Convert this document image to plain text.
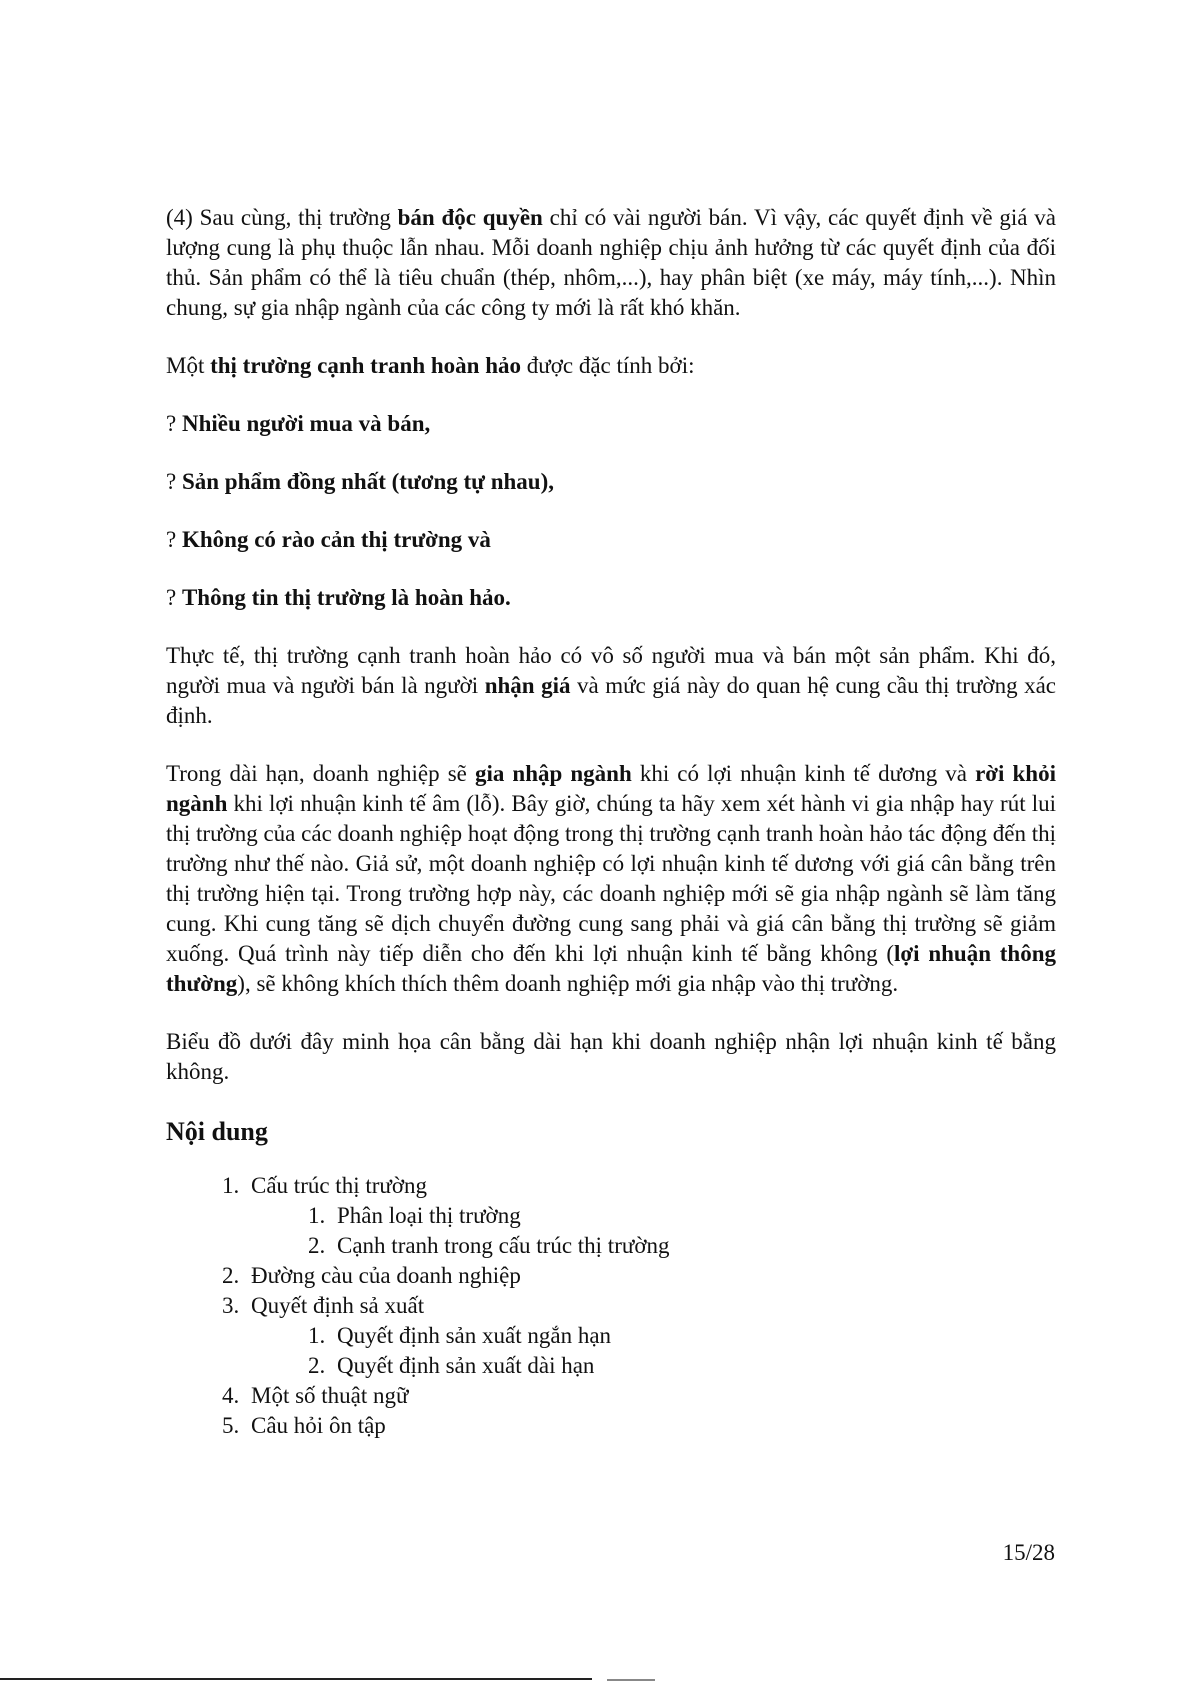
(4) Sau cùng, thị trường bán độc quyền chỉ có vài người bán. Vì vậy, các quyết định về giá và lượng cung là phụ thuộc lẫn nhau. Mỗi doanh nghiệp chịu ảnh hưởng từ các quyết định của đối thủ. Sản phẩm có thể là tiêu chuẩn (thép, nhôm,...), hay phân biệt (xe máy, máy tính,...). Nhìn chung, sự gia nhập ngành của các công ty mới là rất khó khăn.

Một thị trường cạnh tranh hoàn hảo được đặc tính bởi:

? Nhiều người mua và bán,

? Sản phẩm đồng nhất (tương tự nhau),

? Không có rào cản thị trường và

? Thông tin thị trường là hoàn hảo.

Thực tế, thị trường cạnh tranh hoàn hảo có vô số người mua và bán một sản phẩm. Khi đó, người mua và người bán là người nhận giá và mức giá này do quan hệ cung cầu thị trường xác định.

Trong dài hạn, doanh nghiệp sẽ gia nhập ngành khi có lợi nhuận kinh tế dương và rời khỏi ngành khi lợi nhuận kinh tế âm (lỗ). Bây giờ, chúng ta hãy xem xét hành vi gia nhập hay rút lui thị trường của các doanh nghiệp hoạt động trong thị trường cạnh tranh hoàn hảo tác động đến thị trường như thế nào. Giả sử, một doanh nghiệp có lợi nhuận kinh tế dương với giá cân bằng trên thị trường hiện tại. Trong trường hợp này, các doanh nghiệp mới sẽ gia nhập ngành sẽ làm tăng cung. Khi cung tăng sẽ dịch chuyển đường cung sang phải và giá cân bằng thị trường sẽ giảm xuống. Quá trình này tiếp diễn cho đến khi lợi nhuận kinh tế bằng không (lợi nhuận thông thường), sẽ không khích thích thêm doanh nghiệp mới gia nhập vào thị trường.

Biểu đồ dưới đây minh họa cân bằng dài hạn khi doanh nghiệp nhận lợi nhuận kinh tế bằng không.

Nội dung
1. Cấu trúc thị trường
1. Phân loại thị trường
2. Cạnh tranh trong cấu trúc thị trường
2. Đường càu của doanh nghiệp
3. Quyết định sả xuất
1. Quyết định sản xuất ngắn hạn
2. Quyết định sản xuất dài hạn
4. Một số thuật ngữ
5. Câu hỏi ôn tập
15/28
